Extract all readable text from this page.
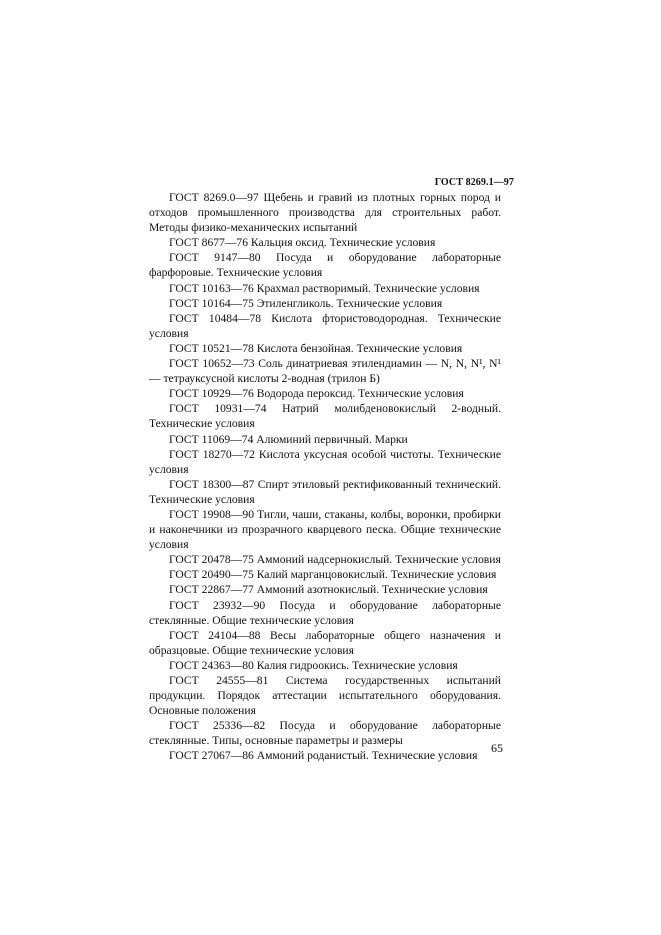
ГОСТ 8269.1—97

ГОСТ 8269.0—97 Щебень и гравий из плотных горных пород и отходов промышленного производства для строительных работ. Методы физико-механических испытаний

ГОСТ 8677—76 Кальция оксид. Технические условия

ГОСТ 9147—80 Посуда и оборудование лабораторные фарфоровые. Технические условия

ГОСТ 10163—76 Крахмал растворимый. Технические условия

ГОСТ 10164—75 Этиленгликоль. Технические условия

ГОСТ 10484—78 Кислота фтористоводородная. Технические условия

ГОСТ 10521—78 Кислота бензойная. Технические условия

ГОСТ 10652—73 Соль динатриевая этилендиамин — N, N, N¹, N¹ — тетрауксусной кислоты 2-водная (трилон Б)

ГОСТ 10929—76 Водорода пероксид. Технические условия

ГОСТ 10931—74 Натрий молибденовокислый 2-водный. Технические условия

ГОСТ 11069—74 Алюминий первичный. Марки

ГОСТ 18270—72 Кислота уксусная особой чистоты. Технические условия

ГОСТ 18300—87 Спирт этиловый ректификованный технический. Технические условия

ГОСТ 19908—90 Тигли, чаши, стаканы, колбы, воронки, пробирки и наконечники из прозрачного кварцевого песка. Общие технические условия

ГОСТ 20478—75 Аммоний надсернокислый. Технические условия

ГОСТ 20490—75 Калий марганцовокислый. Технические условия

ГОСТ 22867—77 Аммоний азотнокислый. Технические условия

ГОСТ 23932—90 Посуда и оборудование лабораторные стеклянные. Общие технические условия

ГОСТ 24104—88 Весы лабораторные общего назначения и образцовые. Общие технические условия

ГОСТ 24363—80 Калия гидроокись. Технические условия

ГОСТ 24555—81 Система государственных испытаний продукции. Порядок аттестации испытательного оборудования. Основные положения

ГОСТ 25336—82 Посуда и оборудование лабораторные стеклянные. Типы, основные параметры и размеры

ГОСТ 27067—86 Аммоний роданистый. Технические условия

65
